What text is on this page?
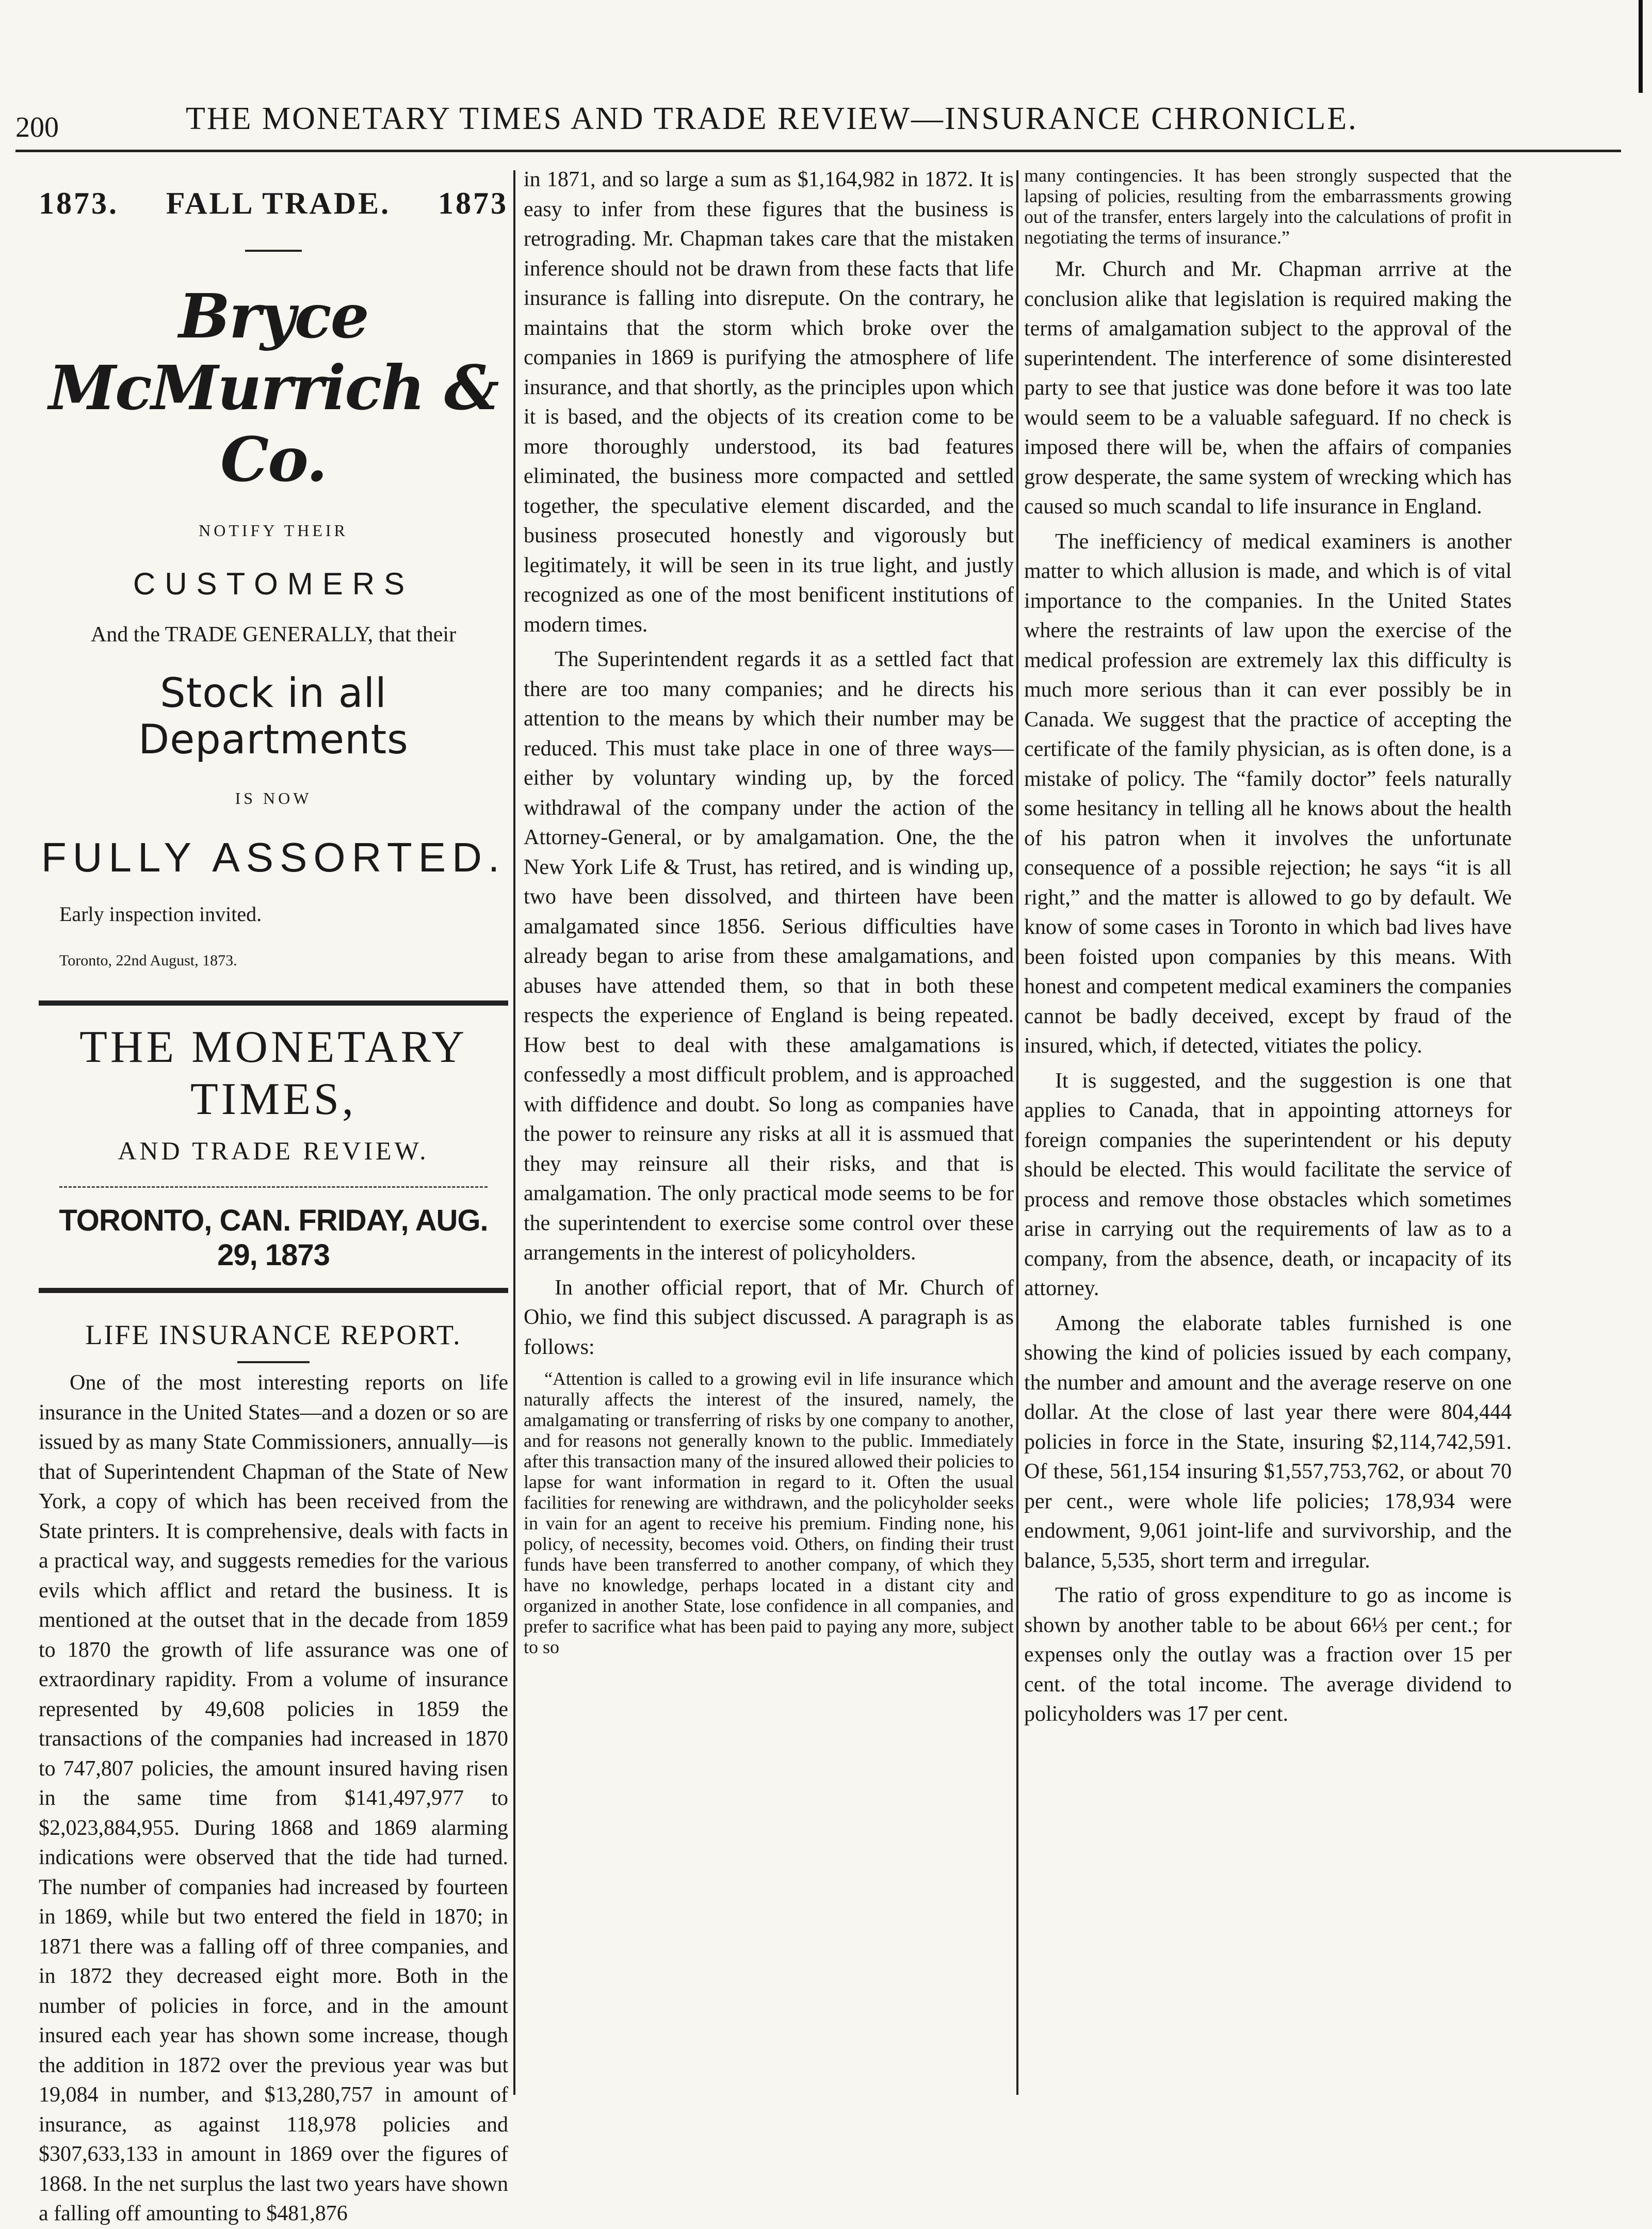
200	THE MONETARY TIMES AND TRADE REVIEW—INSURANCE CHRONICLE.
1873. FALL TRADE. 1873
Bryce McMurrich & Co.
NOTIFY THEIR
CUSTOMERS
And the TRADE GENERALLY, that their
Stock in all Departments
IS NOW
FULLY ASSORTED.
Early inspection invited.
Toronto, 22nd August, 1873.
THE MONETARY TIMES,
AND TRADE REVIEW.
TORONTO, CAN. FRIDAY, AUG. 29, 1873
LIFE INSURANCE REPORT.

One of the most interesting reports on life insurance in the United States—and a dozen or so are issued by as many State Commissioners, annually—is that of Superintendent Chapman of the State of New York, a copy of which has been received from the State printers. It is comprehensive, deals with facts in a practical way, and suggests remedies for the various evils which afflict and retard the business. It is mentioned at the outset that in the decade from 1859 to 1870 the growth of life assurance was one of extraordinary rapidity. From a volume of insurance represented by 49,608 policies in 1859 the transactions of the companies had increased in 1870 to 747,807 policies, the amount insured having risen in the same time from $141,497,977 to $2,023,884,955. During 1868 and 1869 alarming indications were observed that the tide had turned. The number of companies had increased by fourteen in 1869, while but two entered the field in 1870; in 1871 there was a falling off of three companies, and in 1872 they decreased eight more. Both in the number of policies in force, and in the amount insured each year has shown some increase, though the addition in 1872 over the previous year was but 19,084 in number, and $13,280,757 in amount of insurance, as against 118,978 policies and $307,633,133 in amount in 1869 over the figures of 1868. In the net surplus the last two years have shown a falling off amounting to $481,876

in 1871, and so large a sum as $1,164,982 in 1872. It is easy to infer from these figures that the business is retrograding. Mr. Chapman takes care that the mistaken inference should not be drawn from these facts that life insurance is falling into disrepute. On the contrary, he maintains that the storm which broke over the companies in 1869 is purifying the atmosphere of life insurance, and that shortly, as the principles upon which it is based, and the objects of its creation come to be more thoroughly understood, its bad features eliminated, the business more compacted and settled together, the speculative element discarded, and the business prosecuted honestly and vigorously but legitimately, it will be seen in its true light, and justly recognized as one of the most benificent institutions of modern times.

The Superintendent regards it as a settled fact that there are too many companies; and he directs his attention to the means by which their number may be reduced. This must take place in one of three ways—either by voluntary winding up, by the forced withdrawal of the company under the action of the Attorney-General, or by amalgamation. One, the the New York Life & Trust, has retired, and is winding up, two have been dissolved, and thirteen have been amalgamated since 1856. Serious difficulties have already began to arise from these amalgamations, and abuses have attended them, so that in both these respects the experience of England is being repeated. How best to deal with these amalgamations is confessedly a most difficult problem, and is approached with diffidence and doubt. So long as companies have the power to reinsure any risks at all it is assmued that they may reinsure all their risks, and that is amalgamation. The only practical mode seems to be for the superintendent to exercise some control over these arrangements in the interest of policyholders.

In another official report, that of Mr. Church of Ohio, we find this subject discussed. A paragraph is as follows:

“Attention is called to a growing evil in life insurance which naturally affects the interest of the insured, namely, the amalgamating or transferring of risks by one company to another, and for reasons not generally known to the public. Immediately after this transaction many of the insured allowed their policies to lapse for want information in regard to it. Often the usual facilities for renewing are withdrawn, and the policyholder seeks in vain for an agent to receive his premium. Finding none, his policy, of necessity, becomes void. Others, on finding their trust funds have been transferred to another company, of which they have no knowledge, perhaps located in a distant city and organized in another State, lose confidence in all companies, and prefer to sacrifice what has been paid to paying any more, subject to so

many contingencies. It has been strongly suspected that the lapsing of policies, resulting from the embarrassments growing out of the transfer, enters largely into the calculations of profit in negotiating the terms of insurance.”

Mr. Church and Mr. Chapman arrrive at the conclusion alike that legislation is required making the terms of amalgamation subject to the approval of the superintendent. The interference of some disinterested party to see that justice was done before it was too late would seem to be a valuable safeguard. If no check is imposed there will be, when the affairs of companies grow desperate, the same system of wrecking which has caused so much scandal to life insurance in England.

The inefficiency of medical examiners is another matter to which allusion is made, and which is of vital importance to the companies. In the United States where the restraints of law upon the exercise of the medical profession are extremely lax this difficulty is much more serious than it can ever possibly be in Canada. We suggest that the practice of accepting the certificate of the family physician, as is often done, is a mistake of policy. The “family doctor” feels naturally some hesitancy in telling all he knows about the health of his patron when it involves the unfortunate consequence of a possible rejection; he says “it is all right,” and the matter is allowed to go by default. We know of some cases in Toronto in which bad lives have been foisted upon companies by this means. With honest and competent medical examiners the companies cannot be badly deceived, except by fraud of the insured, which, if detected, vitiates the policy.

It is suggested, and the suggestion is one that applies to Canada, that in appointing attorneys for foreign companies the superintendent or his deputy should be elected. This would facilitate the service of process and remove those obstacles which sometimes arise in carrying out the requirements of law as to a company, from the absence, death, or incapacity of its attorney.

Among the elaborate tables furnished is one showing the kind of policies issued by each company, the number and amount and the average reserve on one dollar. At the close of last year there were 804,444 policies in force in the State, insuring $2,114,742,591. Of these, 561,154 insuring $1,557,753,762, or about 70 per cent., were whole life policies; 178,934 were endowment, 9,061 joint-life and survivorship, and the balance, 5,535, short term and irregular.

The ratio of gross expenditure to go as income is shown by another table to be about 66⅓ per cent.; for expenses only the outlay was a fraction over 15 per cent. of the total income. The average dividend to policyholders was 17 per cent.
